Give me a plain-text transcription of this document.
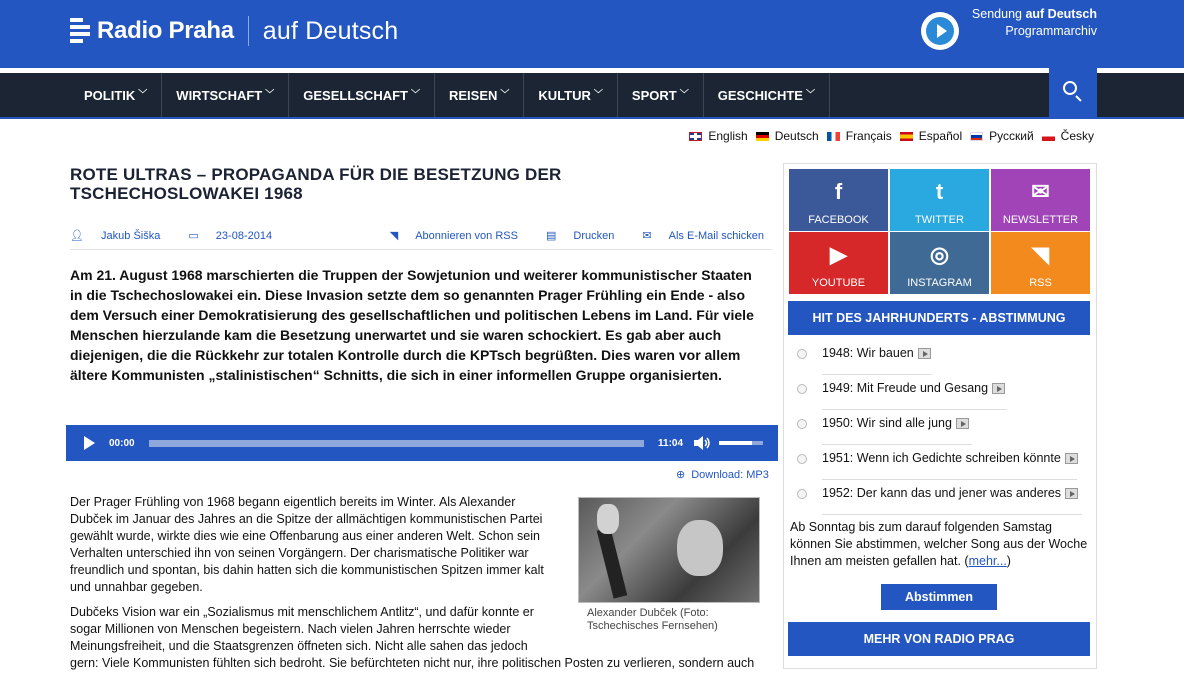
Radio Praha auf Deutsch
Sendung auf Deutsch
Programmarchiv
POLITIK ﹀ WIRTSCHAFT ﹀ GESELLSCHAFT ﹀ REISEN ﹀ KULTUR ﹀ SPORT ﹀ GESCHICHTE ﹀
English Deutsch Français Español Русский Česky
ROTE ULTRAS – PROPAGANDA FÜR DIE BESETZUNG DER TSCHECHOSLOWAKEI 1968
👤︎ Jakub Šiška	▭ 23-08-2014	◥ Abonnieren von RSS	▤ Drucken	✉ Als E-Mail schicken

Am 21. August 1968 marschierten die Truppen der Sowjetunion und weiterer kommunistischer Staaten in die Tschechoslowakei ein. Diese Invasion setzte dem so genannten Prager Frühling ein Ende - also dem Versuch einer Demokratisierung des gesellschaftlichen und politischen Lebens im Land. Für viele Menschen hierzulande kam die Besetzung unerwartet und sie waren schockiert. Es gab aber auch diejenigen, die die Rückkehr zur totalen Kontrolle durch die KPTsch begrüßten. Dies waren vor allem ältere Kommunisten „stalinistischen“ Schnitts, die sich in einer informellen Gruppe organisierten.

00:00	11:04
⊕ Download: MP3

Der Prager Frühling von 1968 begann eigentlich bereits im Winter. Als Alexander Dubček im Januar des Jahres an die Spitze der allmächtigen kommunistischen Partei gewählt wurde, wirkte dies wie eine Offenbarung aus einer anderen Welt. Schon sein Verhalten unterschied ihn von seinen Vorgängern. Der charismatische Politiker war freundlich und spontan, bis dahin hatten sich die kommunistischen Spitzen immer kalt und unnahbar gegeben.

Dubčeks Vision war ein „Sozialismus mit menschlichem Antlitz“, und dafür konnte er sogar Millionen von Menschen begeistern. Nach vielen Jahren herrschte wieder Meinungsfreiheit, und die Staatsgrenzen öffneten sich. Nicht alle sahen das jedoch

gern: Viele Kommunisten fühlten sich bedroht. Sie befürchteten nicht nur, ihre politischen Posten zu verlieren, sondern auch

Alexander Dubček (Foto: Tschechisches Fernsehen)
f
FACEBOOK
t
TWITTER
✉
NEWSLETTER
▶
YOUTUBE
◎
INSTAGRAM
◥
RSS
HIT DES JAHRHUNDERTS - ABSTIMMUNG
1948: Wir bauen
1949: Mit Freude und Gesang
1950: Wir sind alle jung
1951: Wenn ich Gedichte schreiben könnte
1952: Der kann das und jener was anderes
Ab Sonntag bis zum darauf folgenden Samstag können Sie abstimmen, welcher Song aus der Woche Ihnen am meisten gefallen hat. (mehr...)
Abstimmen
MEHR VON RADIO PRAG
